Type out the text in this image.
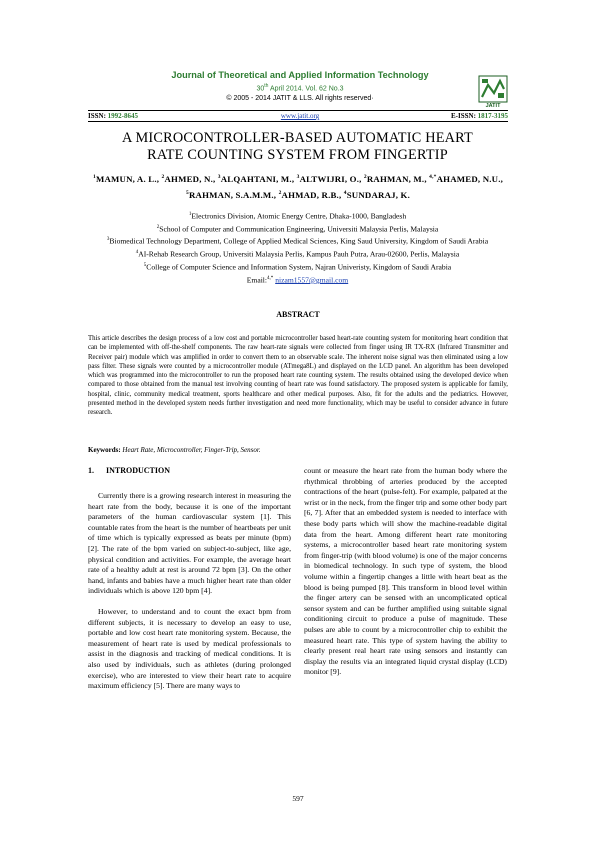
Journal of Theoretical and Applied Information Technology
30th April 2014. Vol. 62 No.3
© 2005 - 2014 JATIT & LLS. All rights reserved·
JATIT
ISSN: 1992-8645	www.jatit.org	E-ISSN: 1817-3195
A MICROCONTROLLER-BASED AUTOMATIC HEART
RATE COUNTING SYSTEM FROM FINGERTIP
$^1$MAMUN, A. L., $^2$AHMED, N., $^3$ALQAHTANI, M., $^3$ALTWIJRI, O., $^2$RAHMAN, M., $^{4,*}$AHAMED, N.U., $^5$RAHMAN, S.A.M.M., $^2$AHMAD, R.B., $^4$SUNDARAJ, K.
$^1$Electronics Division, Atomic Energy Centre, Dhaka-1000, Bangladesh
$^2$School of Computer and Communication Engineering, Universiti Malaysia Perlis, Malaysia
$^3$Biomedical Technology Department, College of Applied Medical Sciences, King Saud University, Kingdom of Saudi Arabia
$^4$AI-Rehab Research Group, Universiti Malaysia Perlis, Kampus Pauh Putra, Arau-02600, Perlis, Malaysia
$^5$College of Computer Science and Information System, Najran Univeristy, Kingdom of Saudi Arabia
Email:$^{4,*}$ nizam1557@gmail.com
ABSTRACT
This article describes the design process of a low cost and portable microcontroller based heart-rate counting system for monitoring heart condition that can be implemented with off-the-shelf components. The raw heart-rate signals were collected from finger using IR TX-RX (Infrared Transmitter and Receiver pair) module which was amplified in order to convert them to an observable scale. The inherent noise signal was then eliminated using a low pass filter. These signals were counted by a microcontroller module (ATmega8L) and displayed on the LCD panel. An algorithm has been developed which was programmed into the microcontroller to run the proposed heart rate counting system. The results obtained using the developed device when compared to those obtained from the manual test involving counting of heart rate was found satisfactory. The proposed system is applicable for family, hospital, clinic, community medical treatment, sports healthcare and other medical purposes. Also, fit for the adults and the pediatrics. However, presented method in the developed system needs further investigation and need more functionality, which may be useful to consider advance in future research.
Keywords: Heart Rate, Microcontroller, Finger-Trip, Sensor.
1. INTRODUCTION

Currently there is a growing research interest in measuring the heart rate from the body, because it is one of the important parameters of the human cardiovascular system [1]. This countable rates from the heart is the number of heartbeats per unit of time which is typically expressed as beats per minute (bpm)[2]. The rate of the bpm varied on subject-to-subject, like age, physical condition and activities. For example, the average heart rate of a healthy adult at rest is around 72 bpm [3]. On the other hand, infants and babies have a much higher heart rate than older individuals which is above 120 bpm [4].

However, to understand and to count the exact bpm from different subjects, it is necessary to develop an easy to use, portable and low cost heart rate monitoring system. Because, the measurement of heart rate is used by medical professionals to assist in the diagnosis and tracking of medical conditions. It is also used by individuals, such as athletes (during prolonged exercise), who are interested to view their heart rate to acquire maximum efficiency [5]. There are many ways to

count or measure the heart rate from the human body where the rhythmical throbbing of arteries produced by the accepted contractions of the heart (pulse-felt). For example, palpated at the wrist or in the neck, from the finger trip and some other body part [6, 7]. After that an embedded system is needed to interface with these body parts which will show the machine-readable digital data from the heart. Among different heart rate monitoring systems, a microcontroller based heart rate monitoring system from finger-trip (with blood volume) is one of the major concerns in biomedical technology. In such type of system, the blood volume within a fingertip changes a little with heart beat as the blood is being pumped [8]. This transform in blood level within the finger artery can be sensed with an uncomplicated optical sensor system and can be further amplified using suitable signal conditioning circuit to produce a pulse of magnitude. These pulses are able to count by a microcontroller chip to exhibit the measured heart rate. This type of system having the ability to clearly present real heart rate using sensors and instantly can display the results via an integrated liquid crystal display (LCD) monitor [9].

597
